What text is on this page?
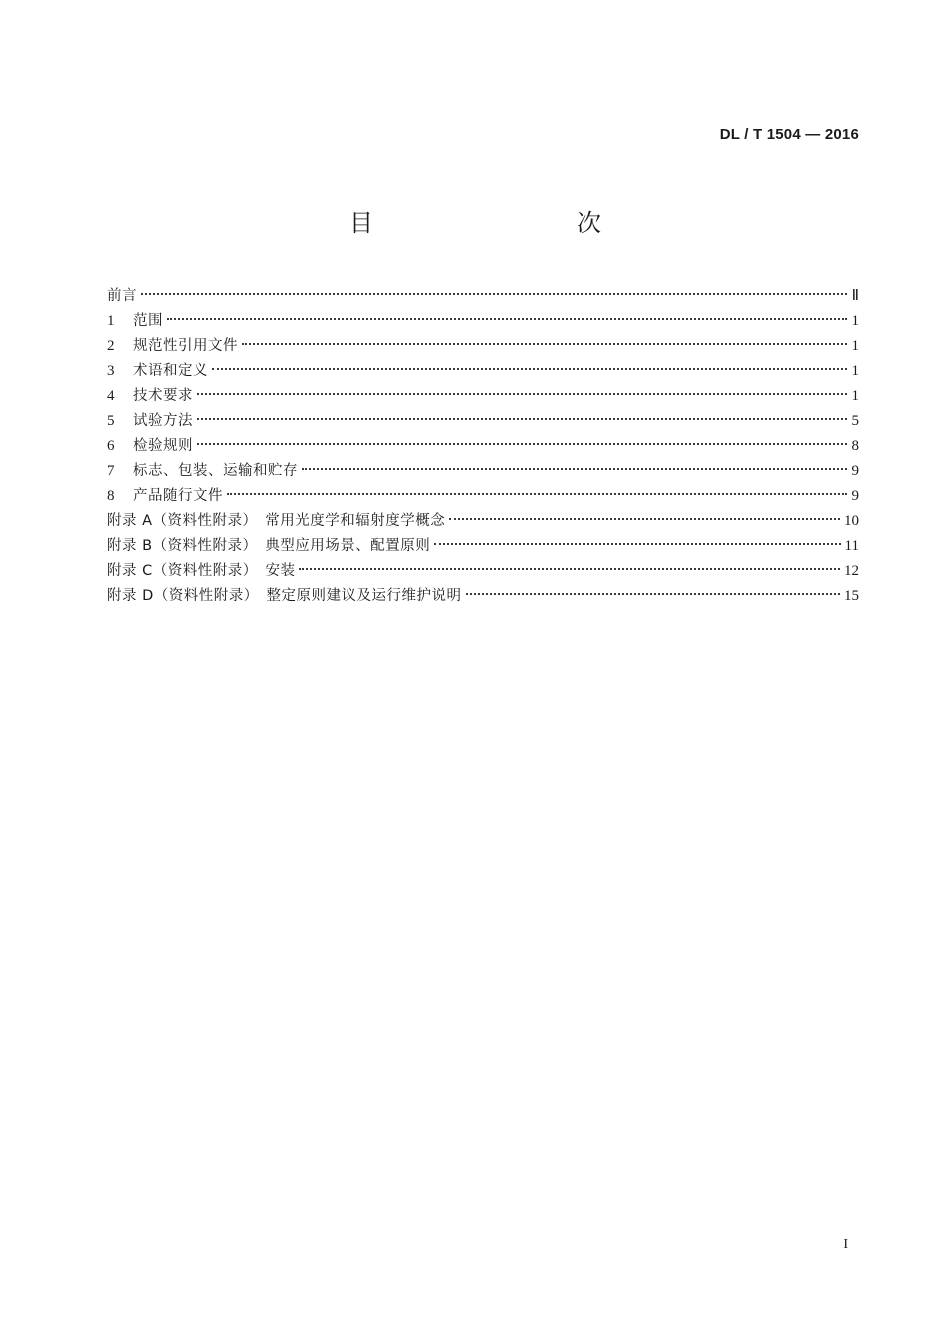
DL / T 1504 — 2016
目　　次
前言	Ⅱ
1	范围	1
2	规范性引用文件	1
3	术语和定义	1
4	技术要求	1
5	试验方法	5
6	检验规则	8
7	标志、包装、运输和贮存	9
8	产品随行文件	9
附录 A（资料性附录）　常用光度学和辐射度学概念	10
附录 B（资料性附录）　典型应用场景、配置原则	11
附录 C（资料性附录）　安装	12
附录 D（资料性附录）　整定原则建议及运行维护说明	15
I
